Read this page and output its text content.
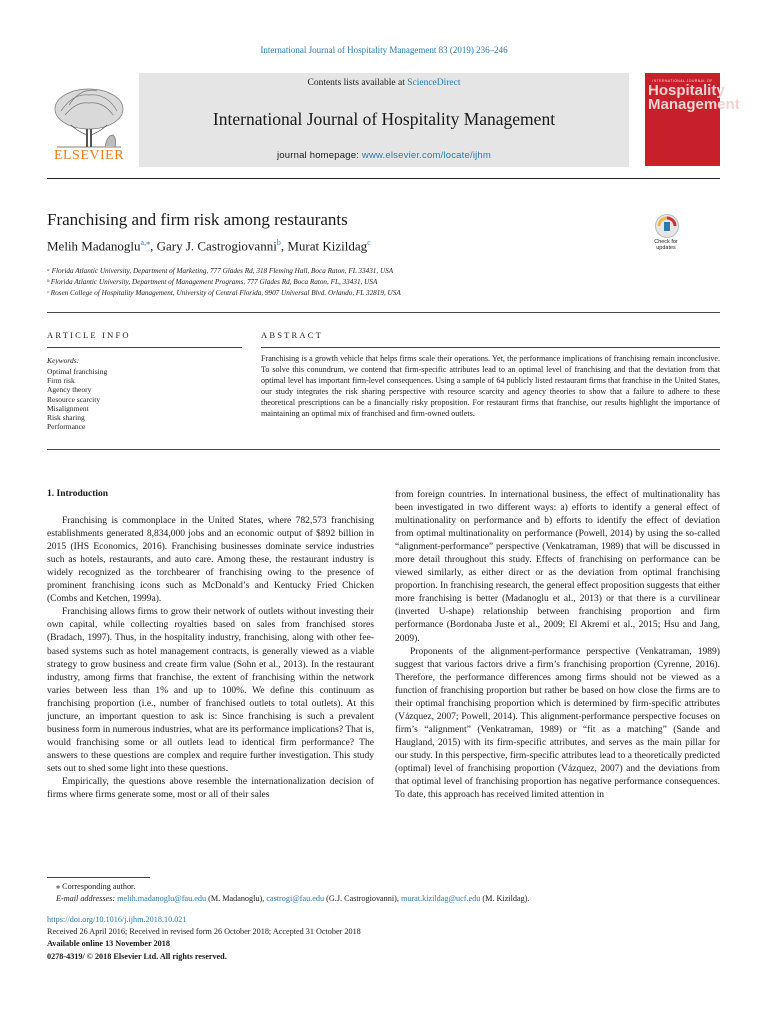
International Journal of Hospitality Management 83 (2019) 236–246
ELSEVIER
Contents lists available at ScienceDirect
International Journal of Hospitality Management
journal homepage: www.elsevier.com/locate/ijhm
INTERNATIONAL JOURNAL OF
Hospitality Management
Franchising and firm risk among restaurants
Melih Madanoglu$^{a,⁎}$, Gary J. Castrogiovanni$^b$, Murat Kizildag$^c$	Check for updates
ᵃ Florida Atlantic University, Department of Marketing, 777 Glades Rd, 318 Fleming Hall, Boca Raton, FL 33431, USA
ᵇ Florida Atlantic University, Department of Management Programs, 777 Glades Rd, Boca Raton, FL, 33431, USA
ᶜ Rosen College of Hospitality Management, University of Central Florida, 9907 Universal Blvd. Orlando, FL 32819, USA
ARTICLE INFO	ABSTRACT
Keywords:
Optimal franchising
Firm risk
Agency theory
Resource scarcity
Misalignment
Risk sharing
Performance
Franchising is a growth vehicle that helps firms scale their operations. Yet, the performance implications of franchising remain inconclusive. To solve this conundrum, we contend that firm-specific attributes lead to an optimal level of franchising and that the deviation from that optimal level has important firm-level consequences. Using a sample of 64 publicly listed restaurant firms that franchise in the United States, our study integrates the risk sharing perspective with resource scarcity and agency theories to show that a failure to adhere to these theoretical prescriptions can be a financially risky proposition. For restaurant firms that franchise, our results highlight the importance of maintaining an optimal mix of franchised and firm-owned outlets.

1. Introduction

Franchising is commonplace in the United States, where 782,573 franchising establishments generated 8,834,000 jobs and an economic output of $892 billion in 2015 (IHS Economics, 2016). Franchising businesses dominate service industries such as hotels, restaurants, and auto care. Among these, the restaurant industry is widely recognized as the torchbearer of franchising owing to the presence of prominent franchising icons such as McDonald’s and Kentucky Fried Chicken (Combs and Ketchen, 1999a).

Franchising allows firms to grow their network of outlets without investing their own capital, while collecting royalties based on sales from franchised stores (Bradach, 1997). Thus, in the hospitality industry, franchising, along with other fee-based systems such as hotel management contracts, is generally viewed as a viable strategy to grow business and create firm value (Sohn et al., 2013). In the restaurant industry, among firms that franchise, the extent of franchising within the network varies between less than 1% and up to 100%. We define this continuum as franchising proportion (i.e., number of franchised outlets to total outlets). At this juncture, an important question to ask is: Since franchising is such a prevalent business form in numerous industries, what are its performance implications? That is, would franchising some or all outlets lead to identical firm performance? The answers to these questions are complex and require further investigation. This study sets out to shed some light into these questions.

Empirically, the questions above resemble the internationalization decision of firms where firms generate some, most or all of their sales

from foreign countries. In international business, the effect of multinationality has been investigated in two different ways: a) efforts to identify a general effect of multinationality on performance and b) efforts to identify the effect of deviation from optimal multinationality on performance (Powell, 2014) by using the so-called “alignment-performance” perspective (Venkatraman, 1989) that will be discussed in more detail throughout this study. Effects of franchising on performance can be viewed similarly, as either direct or as the deviation from optimal franchising proportion. In franchising research, the general effect proposition suggests that either more franchising is better (Madanoglu et al., 2013) or that there is a curvilinear (inverted U-shape) relationship between franchising proportion and firm performance (Bordonaba Juste et al., 2009; El Akremi et al., 2015; Hsu and Jang, 2009).

Proponents of the alignment-performance perspective (Venkatraman, 1989) suggest that various factors drive a firm’s franchising proportion (Cyrenne, 2016). Therefore, the performance differences among firms should not be viewed as a function of franchising proportion but rather be based on how close the firms are to their optimal franchising proportion which is determined by firm-specific attributes (Vázquez, 2007; Powell, 2014). This alignment-performance perspective focuses on firm’s “alignment” (Venkatraman, 1989) or “fit as a matching” (Sande and Haugland, 2015) with its firm-specific attributes, and serves as the main pillar for our study. In this perspective, firm-specific attributes lead to a theoretically predicted (optimal) level of franchising proportion (Vázquez, 2007) and the deviations from that optimal level of franchising proportion has negative performance consequences. To date, this approach has received limited attention in

⁎ Corresponding author.
E-mail addresses: melih.madanoglu@fau.edu (M. Madanoglu), castrogi@fau.edu (G.J. Castrogiovanni), murat.kizildag@ucf.edu (M. Kizildag).
https://doi.org/10.1016/j.ijhm.2018.10.021
Received 26 April 2016; Received in revised form 26 October 2018; Accepted 31 October 2018
Available online 13 November 2018
0278-4319/ © 2018 Elsevier Ltd. All rights reserved.
